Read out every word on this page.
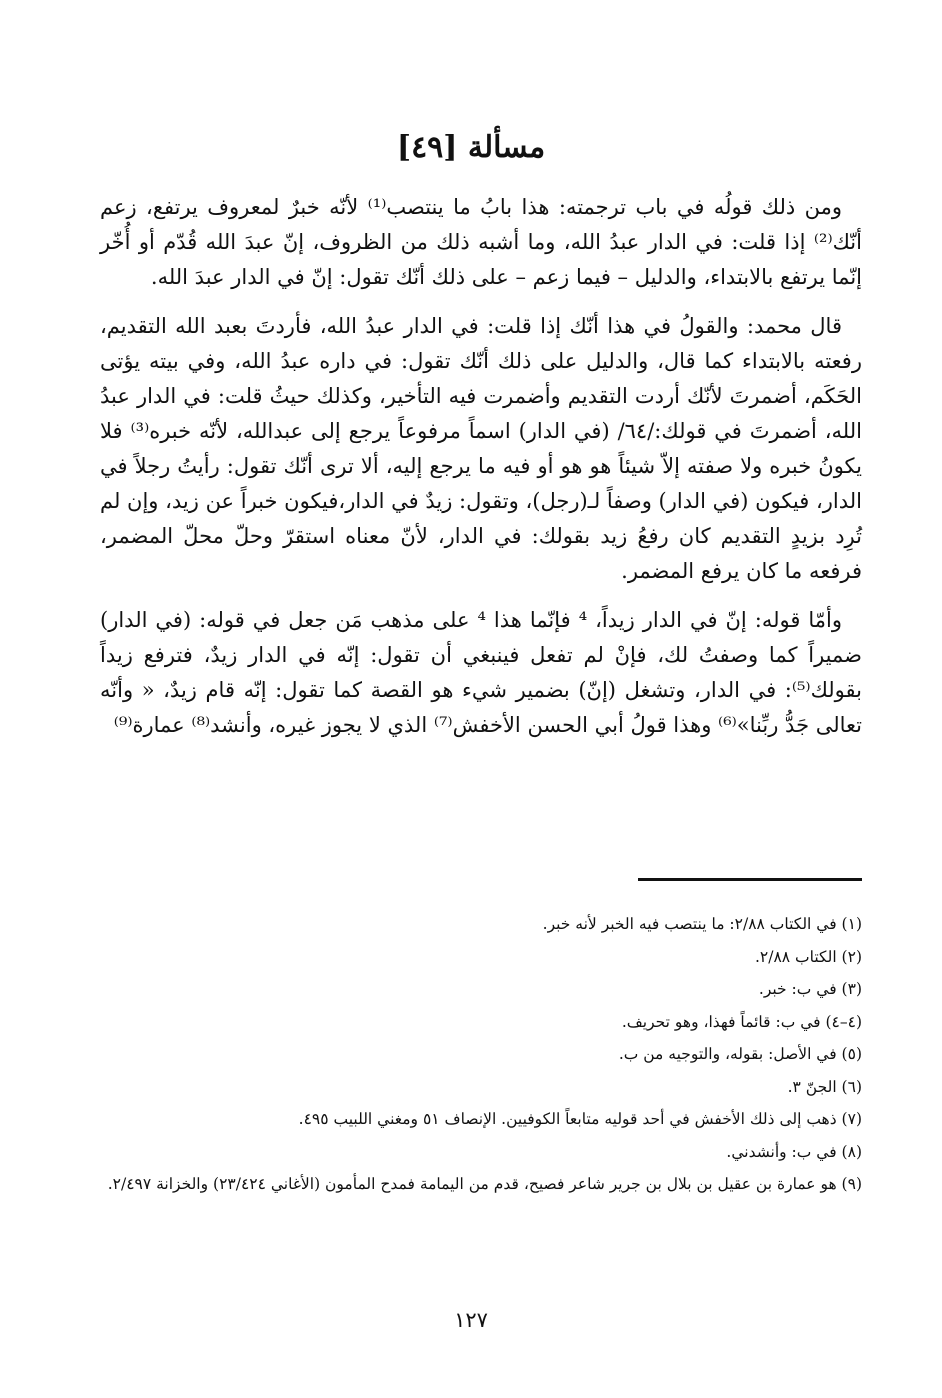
مسألة [٤٩]

ومن ذلك قولُه في باب ترجمته: هذا بابُ ما ينتصب⁽¹⁾ لأنّه خبرٌ لمعروف يرتفع، زعم أنّك⁽²⁾ إذا قلت: في الدار عبدُ الله، وما أشبه ذلك من الظروف، إنّ عبدَ الله قُدّم أو أُخّر إنّما يرتفع بالابتداء، والدليل – فيما زعم – على ذلك أنّك تقول: إنّ في الدار عبدَ الله.

قال محمد: والقولُ في هذا أنّك إذا قلت: في الدار عبدُ الله، فأردتَ بعبد الله التقديم، رفعته بالابتداء كما قال، والدليل على ذلك أنّك تقول: في داره عبدُ الله، وفي بيته يؤتى الحَكَم، أضمرتَ لأنّك أردت التقديم وأضمرت فيه التأخير، وكذلك حيثُ قلت: في الدار عبدُ الله، أضمرتَ في قولك:/٦٤/ (في الدار) اسماً مرفوعاً يرجع إلى عبدالله، لأنّه خبره⁽³⁾ فلا يكونُ خبره ولا صفته إلاّ شيئاً هو هو أو فيه ما يرجع إليه، ألا ترى أنّك تقول: رأيتُ رجلاً في الدار، فيكون (في الدار) وصفاً لـ(رجل)، وتقول: زيدٌ في الدار،فيكون خبراً عن زيد، وإن لم تُرِد بزيدٍ التقديم كان رفعُ زيد بقولك: في الدار، لأنّ معناه استقرّ وحلّ محلّ المضمر، فرفعه ما كان يرفع المضمر.

وأمّا قوله: إنّ في الدار زيداً، ⁴ فإنّما هذا ⁴ على مذهب مَن جعل في قوله: (في الدار) ضميراً كما وصفتُ لك، فإنْ لم تفعل فينبغي أن تقول: إنّه في الدار زيدٌ، فترفع زيداً بقولك⁽⁵⁾: في الدار، وتشغل (إنّ) بضمير شيء هو القصة كما تقول: إنّه قام زيدٌ، « وأنّه تعالى جَدُّ ربِّنا»⁽⁶⁾ وهذا قولُ أبي الحسن الأخفش⁽⁷⁾ الذي لا يجوز غيره، وأنشد⁽⁸⁾ عمارة⁽⁹⁾

(١) في الكتاب ٢/٨٨: ما ينتصب فيه الخبر لأنه خبر.
(٢) الكتاب ٢/٨٨.
(٣) في ب: خبر.
(٤–٤) في ب: قائماً فهذا، وهو تحريف.
(٥) في الأصل: بقوله، والتوجيه من ب.
(٦) الجنّ ٣.
(٧) ذهب إلى ذلك الأخفش في أحد قوليه متابعاً الكوفيين. الإنصاف ٥١ ومغني اللبيب ٤٩٥.
(٨) في ب: وأنشدني.
(٩) هو عمارة بن عقيل بن بلال بن جرير شاعر فصيح، قدم من اليمامة فمدح المأمون (الأغاني ٢٣/٤٢٤) والخزانة ٢/٤٩٧.
١٢٧
